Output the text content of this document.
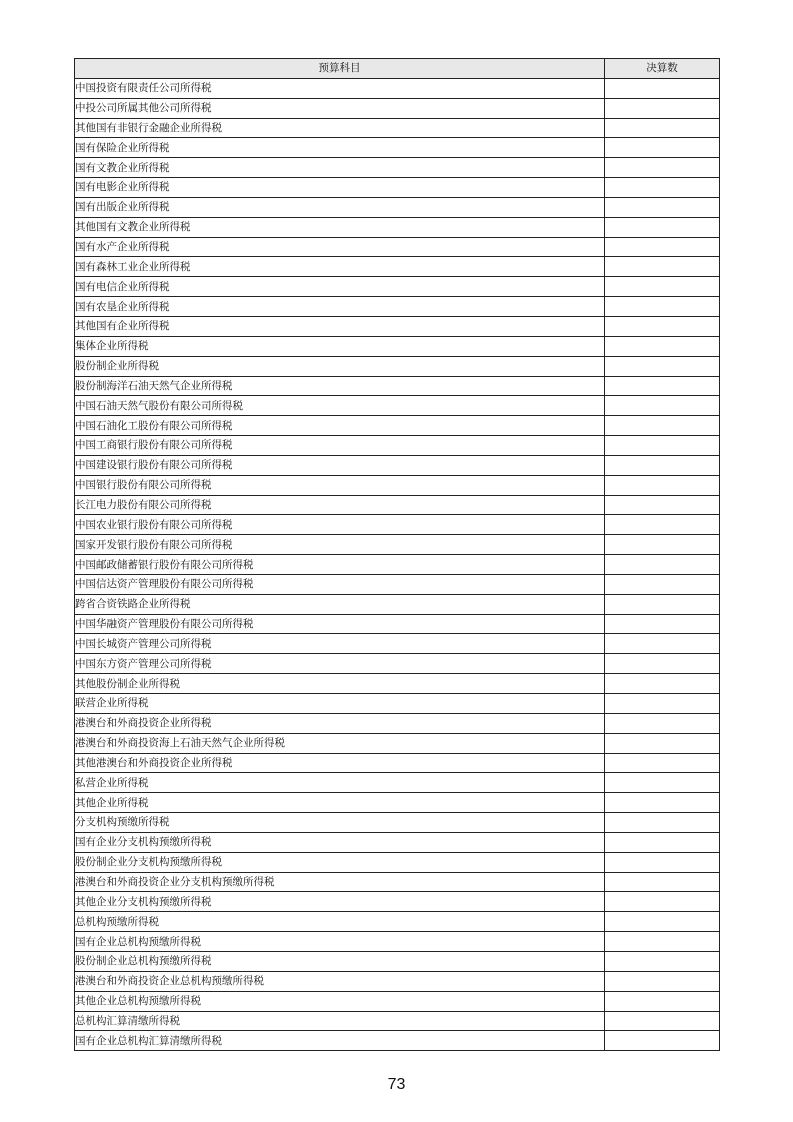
预算科目	决算数
中国投资有限责任公司所得税	
中投公司所属其他公司所得税	
其他国有非银行金融企业所得税	
国有保险企业所得税	
国有文教企业所得税	
国有电影企业所得税	
国有出版企业所得税	
其他国有文教企业所得税	
国有水产企业所得税	
国有森林工业企业所得税	
国有电信企业所得税	
国有农垦企业所得税	
其他国有企业所得税	
集体企业所得税	
股份制企业所得税	
股份制海洋石油天然气企业所得税	
中国石油天然气股份有限公司所得税	
中国石油化工股份有限公司所得税	
中国工商银行股份有限公司所得税	
中国建设银行股份有限公司所得税	
中国银行股份有限公司所得税	
长江电力股份有限公司所得税	
中国农业银行股份有限公司所得税	
国家开发银行股份有限公司所得税	
中国邮政储蓄银行股份有限公司所得税	
中国信达资产管理股份有限公司所得税	
跨省合资铁路企业所得税	
中国华融资产管理股份有限公司所得税	
中国长城资产管理公司所得税	
中国东方资产管理公司所得税	
其他股份制企业所得税	
联营企业所得税	
港澳台和外商投资企业所得税	
港澳台和外商投资海上石油天然气企业所得税	
其他港澳台和外商投资企业所得税	
私营企业所得税	
其他企业所得税	
分支机构预缴所得税	
国有企业分支机构预缴所得税	
股份制企业分支机构预缴所得税	
港澳台和外商投资企业分支机构预缴所得税	
其他企业分支机构预缴所得税	
总机构预缴所得税	
国有企业总机构预缴所得税	
股份制企业总机构预缴所得税	
港澳台和外商投资企业总机构预缴所得税	
其他企业总机构预缴所得税	
总机构汇算清缴所得税	
国有企业总机构汇算清缴所得税	
73
